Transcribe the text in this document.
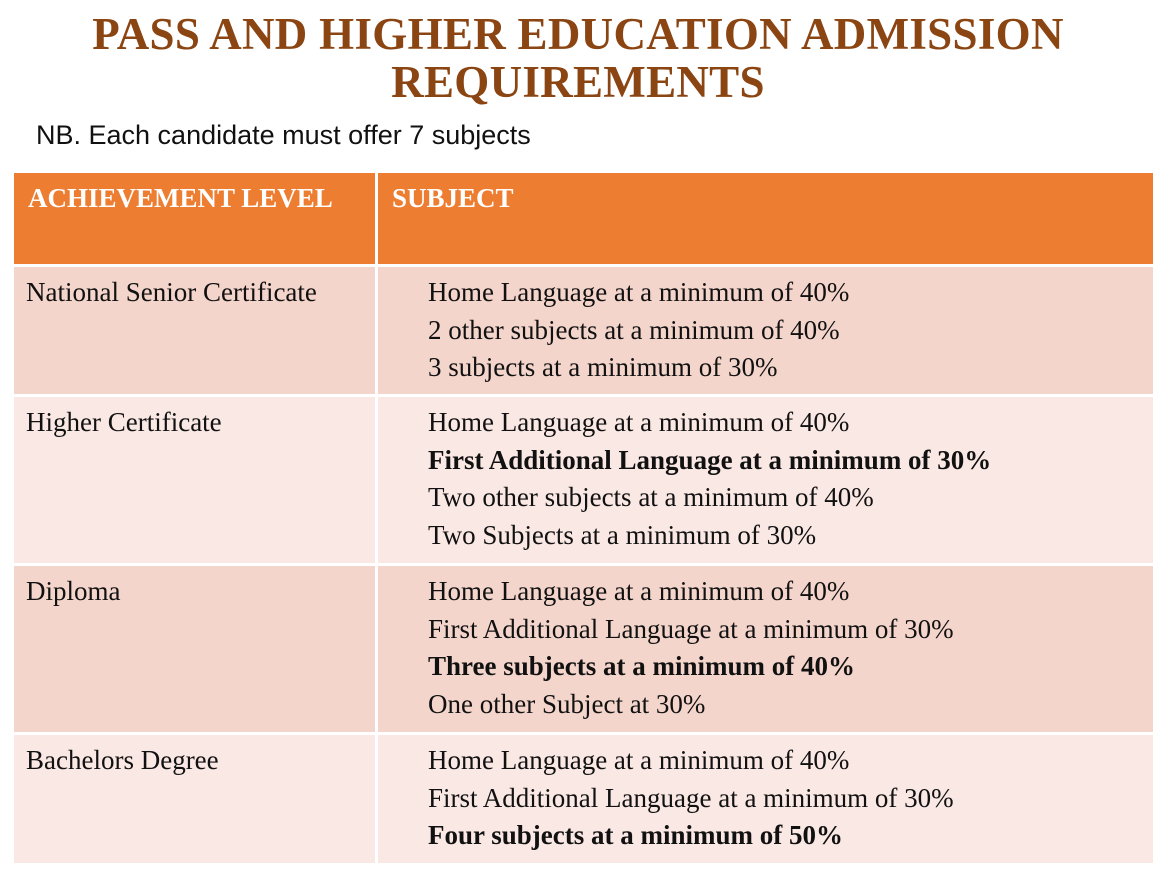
PASS AND HIGHER EDUCATION ADMISSION
REQUIREMENTS
NB. Each candidate must offer 7 subjects
ACHIEVEMENT LEVEL	SUBJECT
National Senior Certificate	Home Language at a minimum of 40%
2 other subjects at a minimum of 40%
3 subjects at a minimum of 30%

Higher Certificate	Home Language at a minimum of 40%
First Additional Language at a minimum of 30%
Two other subjects at a minimum of 40%
Two Subjects at a minimum of 30%

Diploma	Home Language at a minimum of 40%
First Additional Language at a minimum of 30%
Three subjects at a minimum of 40%
One other Subject at 30%

Bachelors Degree	Home Language at a minimum of 40%
First Additional Language at a minimum of 30%
Four subjects at a minimum of 50%
